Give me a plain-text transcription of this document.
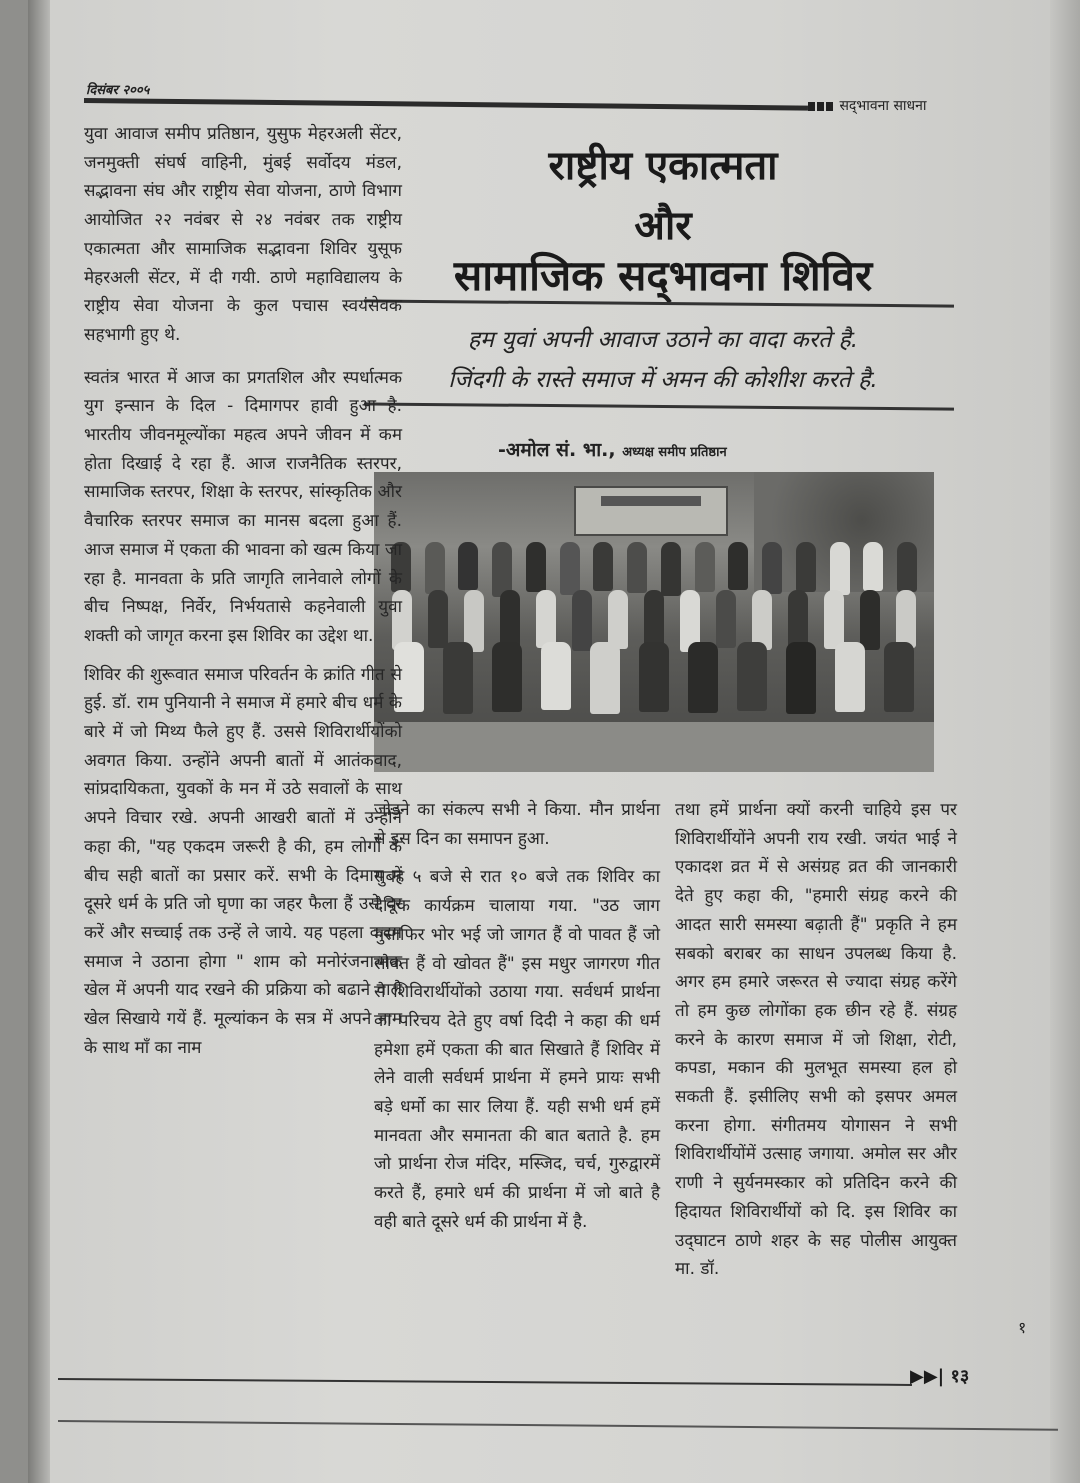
दिसंबर २००५
सद्‌भावना साधना
राष्ट्रीय एकात्मता
और
सामाजिक सद्‌भावना शिविर
हम युवां अपनी आवाज उठाने का वादा करते है.
जिंदगी के रास्ते समाज में अमन की कोशीश करते है.
-अमोल सं. भा., अध्यक्ष समीप प्रतिष्ठान

युवा आवाज समीप प्रतिष्ठान, युसुफ मेहरअली सेंटर, जनमुक्ती संघर्ष वाहिनी, मुंबई सर्वोदय मंडल, सद्भावना संघ और राष्ट्रीय सेवा योजना, ठाणे विभाग आयोजित २२ नवंबर से २४ नवंबर तक राष्ट्रीय एकात्मता और सामाजिक सद्भावना शिविर युसूफ मेहरअली सेंटर, में दी गयी. ठाणे महाविद्यालय के राष्ट्रीय सेवा योजना के कुल पचास स्वयंसेवक सहभागी हुए थे.

स्वतंत्र भारत में आज का प्रगतशिल और स्पर्धात्मक युग इन्सान के दिल - दिमागपर हावी हुआ है. भारतीय जीवनमूल्योंका महत्व अपने जीवन में कम होता दिखाई दे रहा हैं. आज राजनैतिक स्तरपर, सामाजिक स्तरपर, शिक्षा के स्तरपर, सांस्कृतिक और वैचारिक स्तरपर समाज का मानस बदला हुआ हैं. आज समाज में एकता की भावना को खत्म किया जा रहा है. मानवता के प्रति जागृति लानेवाले लोगों के बीच निष्पक्ष, निर्वेर, निर्भयतासे कहनेवाली युवा शक्ती को जागृत करना इस शिविर का उद्देश था.

शिविर की शुरूवात समाज परिवर्तन के क्रांति गीत से हुई. डॉ. राम पुनियानी ने समाज में हमारे बीच धर्म के बारे में जो मिथ्य फैले हुए हैं. उससे शिविरार्थीयोंको अवगत किया. उन्होंने अपनी बातों में आतंकवाद, सांप्रदायिकता, युवकों के मन में उठे सवालों के साथ अपने विचार रखे. अपनी आखरी बातों में उन्होंने कहा की, "यह एकदम जरूरी है की, हम लोगों के बीच सही बातों का प्रसार करें. सभी के दिमाग में दूसरे धर्म के प्रति जो घृणा का जहर फैला हैं उसे दूर करें और सच्चाई तक उन्हें ले जाये. यह पहला कदम समाज ने उठाना होगा " शाम को मनोरंजनात्मक खेल में अपनी याद रखने की प्रक्रिया को बढाने वाले खेल सिखाये गयें हैं. मूल्यांकन के सत्र में अपने नाम के साथ माँ का नाम

जोड़ने का संकल्प सभी ने किया. मौन प्रार्थना से इस दिन का समापन हुआ.

सुबह ५ बजे से रात १० बजे तक शिविर का दैनिक कार्यक्रम चालाया गया. "उठ जाग मुसाफिर भोर भई जो जागत हैं वो पावत हैं जो सोवत हैं वो खोवत हैं" इस मधुर जागरण गीत से शिविरार्थीयोंको उठाया गया. सर्वधर्म प्रार्थना का परिचय देते हुए वर्षा दिदी ने कहा की धर्म हमेशा हमें एकता की बात सिखाते हैं शिविर में लेने वाली सर्वधर्म प्रार्थना में हमने प्रायः सभी बड़े धर्मो का सार लिया हैं. यही सभी धर्म हमें मानवता और समानता की बात बताते है. हम जो प्रार्थना रोज मंदिर, मस्जिद, चर्च, गुरुद्वारमें करते हैं, हमारे धर्म की प्रार्थना में जो बाते है वही बाते दूसरे धर्म की प्रार्थना में है.

तथा हमें प्रार्थना क्यों करनी चाहिये इस पर शिविरार्थीयोंने अपनी राय रखी. जयंत भाई ने एकादश व्रत में से असंग्रह व्रत की जानकारी देते हुए कहा की, "हमारी संग्रह करने की आदत सारी समस्या बढ़ाती हैं" प्रकृति ने हम सबको बराबर का साधन उपलब्ध किया है. अगर हम हमारे जरूरत से ज्यादा संग्रह करेंगे तो हम कुछ लोगोंका हक छीन रहे हैं. संग्रह करने के कारण समाज में जो शिक्षा, रोटी, कपडा, मकान की मुलभूत समस्या हल हो सकती हैं. इसीलिए सभी को इसपर अमल करना होगा. संगीतमय योगासन ने सभी शिविरार्थीयोंमें उत्साह जगाया. अमोल सर और राणी ने सुर्यनमस्कार को प्रतिदिन करने की हिदायत शिविरार्थीयों को दि. इस शिविर का उद्‌घाटन ठाणे शहर के सह पोलीस आयुक्त मा. डॉ.

१
▶▶| १३
